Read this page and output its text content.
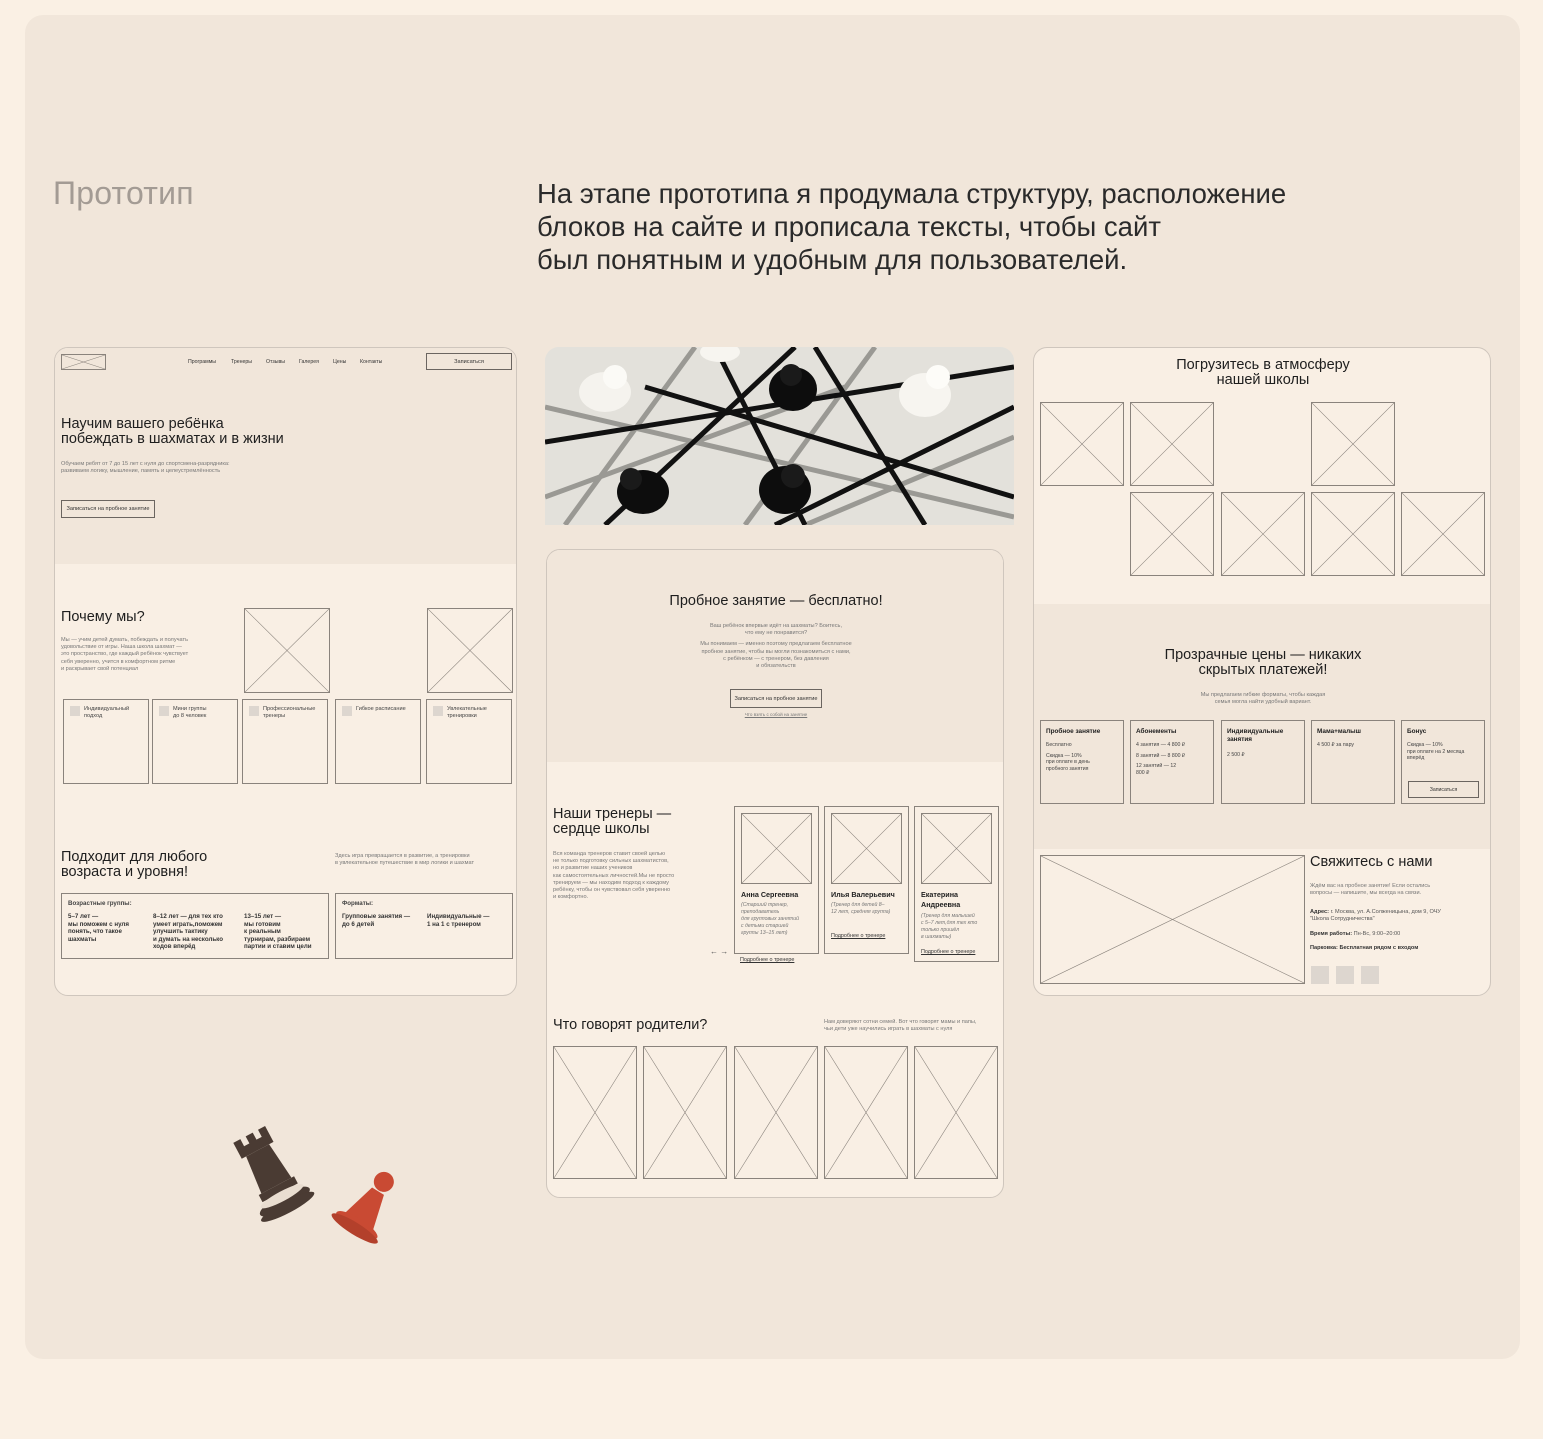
Прототип	На этапе прототипа я продумала структуру, расположение
блоков на сайте и прописала тексты, чтобы сайт
был понятным и удобным для пользователей.
Программы	Тренеры	Отзывы	Галерея	Цены	Контакты	Записаться
Научим вашего ребёнка
побеждать в шахматах и в жизни
Обучаем ребят от 7 до 15 лет с нуля до спортсмена-разрядника:
развиваем логику, мышление, память и целеустремлённость
Записаться на пробное занятие
Почему мы?
Мы — учим детей думать, побеждать и получать
удовольствие от игры. Наша школа шахмат —
это пространство, где каждый ребёнок чувствует
себя уверенно, учится в комфортном ритме
и раскрывает свой потенциал
Индивидуальный
подход
Мини группы
до 8 человек
Профессиональные
тренеры
Гибкое расписание	Увлекательные
тренировки
Подходит для любого
возраста и уровня!
Здесь игра превращается в развитие, а тренировки
в увлекательное путешествие в мир логики и шахмат
Возрастные группы:
5–7 лет —
мы поможем с нуля
понять, что такое
шахматы
8–12 лет — для тех кто
умеет играть,поможем
улучшить тактику
и думать на несколько
ходов вперёд
13–15 лет —
мы готовим
к реальным
турнирам, разбираем
партии и ставим цели
Форматы:
Групповые занятия —
до 6 детей
Индивидуальные —
1 на 1 с тренером
Пробное занятие — бесплатно!
Ваш ребёнок впервые идёт на шахматы? Боитесь,
что ему не понравится?
Мы понимаем — именно поэтому предлагаем бесплатное
пробное занятие, чтобы вы могли познакомиться с нами,
с ребёнком — с тренером, без давления
и обязательств
Записаться на пробное занятие
Что взять с собой на занятие
Наши тренеры —
сердце школы
Вся команда тренеров ставит своей целью
не только подготовку сильных шахматистов,
но и развитие наших учеников
как самостоятельных личностей.Мы не просто
тренируем — мы находим подход к каждому
ребёнку, чтобы он чувствовал себя уверенно
и комфортно.
← →
Анна Сергеевна
(Старший тренер,
преподаватель
для групповых занятий
с детьми старшей
группы 13–15 лет)
Подробнее о тренере
Илья Валерьевич
(Тренер для детей 8–
12 лет, средняя группа)
Подробнее о тренере
Екатерина
Андреевна
(Тренер для малышей
с 5–7 лет,для тех кто
только пришёл
в шахматы)
Подробнее о тренере
Что говорят родители?	Нам доверяют сотни семей. Вот что говорят мамы и папы,
чьи дети уже научились играть в шахматы с нуля
Погрузитесь в атмосферу
нашей школы
Прозрачные цены — никаких
скрытых платежей!
Мы предлагаем гибкие форматы, чтобы каждая
семья могла найти удобный вариант.
Пробное занятие
Бесплатно
Скидка — 10%
при оплате в день
пробного занятия
Абонементы
4 занятия — 4 800 ₽
8 занятий — 8 800 ₽
12 занятий — 12
800 ₽
Индивидуальные
занятия
2 500 ₽
Мама+малыш
4 500 ₽ за пару
Бонус
Скидка — 10%
при оплате на 2 месяца
вперёд
Записаться
Свяжитесь с нами
Ждём вас на пробное занятие! Если остались
вопросы — напишите, мы всегда на связи.
Адрес: г. Москва, ул. А.Солженицына, дом 9, ОЧУ
"Школа Сотрудничества"
Время работы: Пн-Вс, 9:00–20:00
Парковка: Бесплатная рядом с входом
